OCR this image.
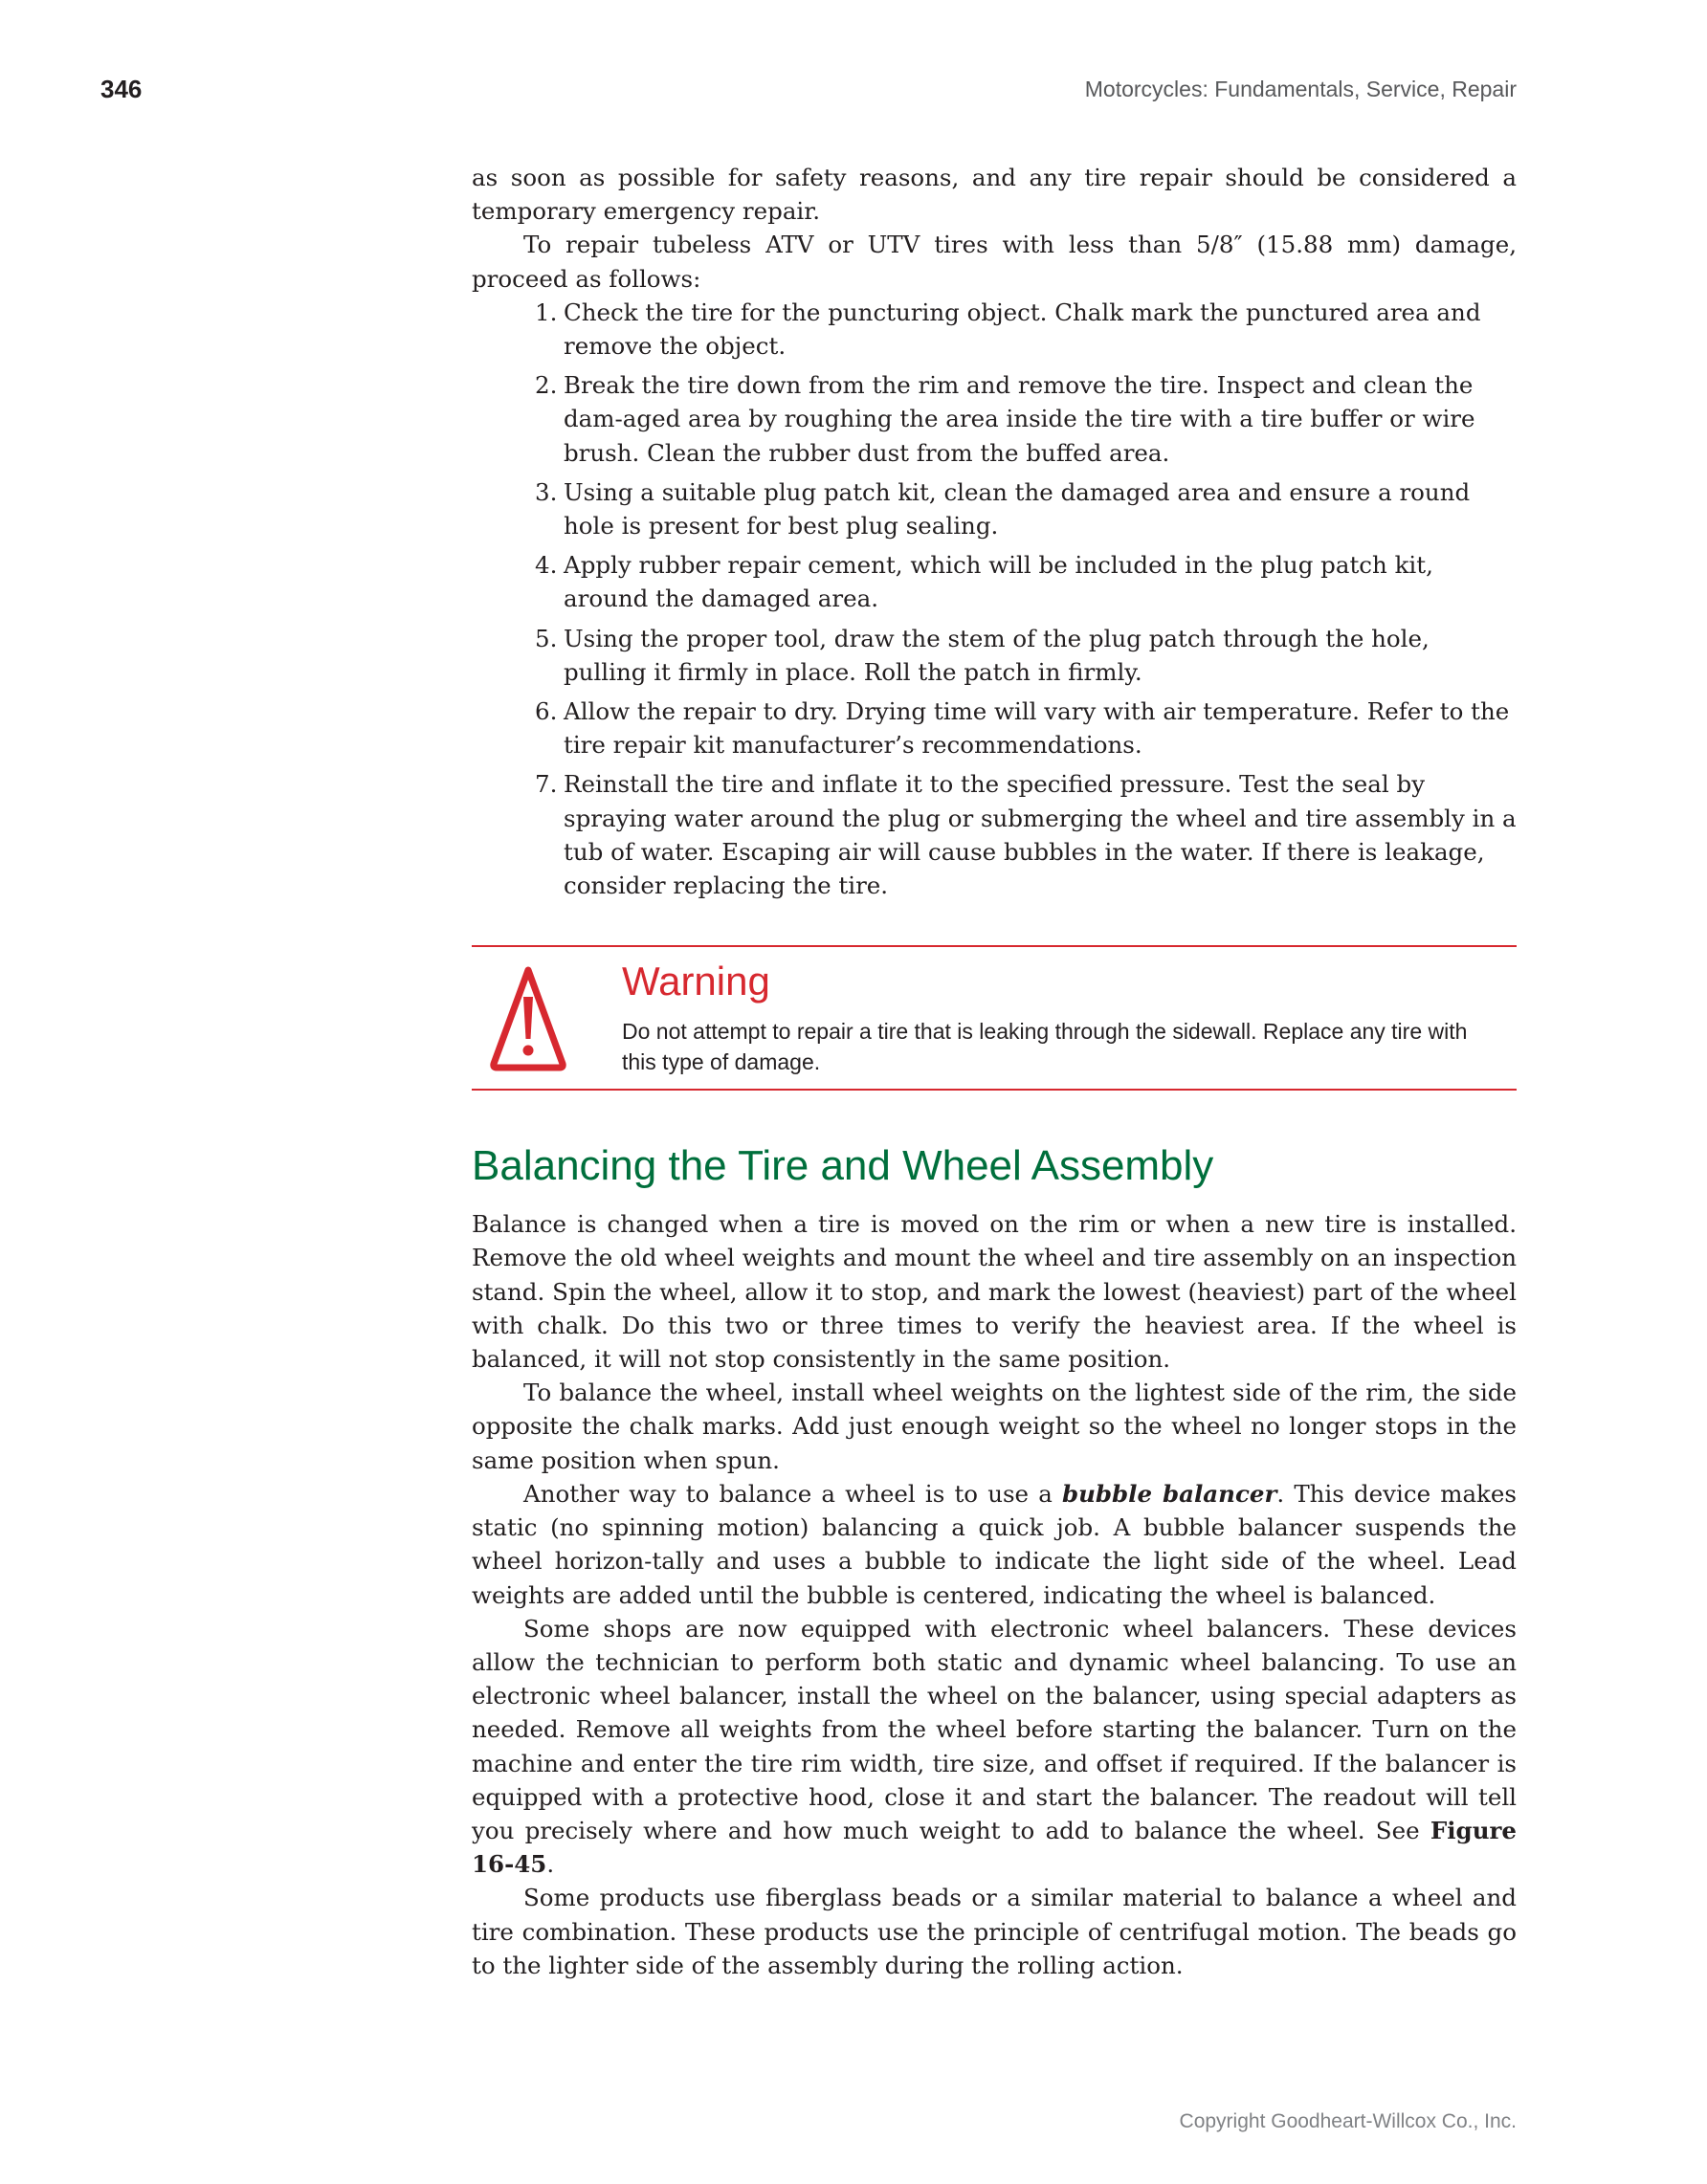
346	Motorcycles: Fundamentals, Service, Repair

as soon as possible for safety reasons, and any tire repair should be considered a temporary emergency repair.

To repair tubeless ATV or UTV tires with less than 5/8″ (15.88 mm) damage, proceed as follows:

1. Check the tire for the puncturing object. Chalk mark the punctured area and remove the object.
2. Break the tire down from the rim and remove the tire. Inspect and clean the dam-aged area by roughing the area inside the tire with a tire buffer or wire brush. Clean the rubber dust from the buffed area.
3. Using a suitable plug patch kit, clean the damaged area and ensure a round hole is present for best plug sealing.
4. Apply rubber repair cement, which will be included in the plug patch kit, around the damaged area.
5. Using the proper tool, draw the stem of the plug patch through the hole, pulling it firmly in place. Roll the patch in firmly.
6. Allow the repair to dry. Drying time will vary with air temperature. Refer to the tire repair kit manufacturer’s recommendations.
7. Reinstall the tire and inflate it to the specified pressure. Test the seal by spraying water around the plug or submerging the wheel and tire assembly in a tub of water. Escaping air will cause bubbles in the water. If there is leakage, consider replacing the tire.
Warning
Do not attempt to repair a tire that is leaking through the sidewall. Replace any tire with this type of damage.
Balancing the Tire and Wheel Assembly

Balance is changed when a tire is moved on the rim or when a new tire is installed. Remove the old wheel weights and mount the wheel and tire assembly on an inspection stand. Spin the wheel, allow it to stop, and mark the lowest (heaviest) part of the wheel with chalk. Do this two or three times to verify the heaviest area. If the wheel is balanced, it will not stop consistently in the same position.

To balance the wheel, install wheel weights on the lightest side of the rim, the side opposite the chalk marks. Add just enough weight so the wheel no longer stops in the same position when spun.

Another way to balance a wheel is to use a bubble balancer. This device makes static (no spinning motion) balancing a quick job. A bubble balancer suspends the wheel horizon-tally and uses a bubble to indicate the light side of the wheel. Lead weights are added until the bubble is centered, indicating the wheel is balanced.

Some shops are now equipped with electronic wheel balancers. These devices allow the technician to perform both static and dynamic wheel balancing. To use an electronic wheel balancer, install the wheel on the balancer, using special adapters as needed. Remove all weights from the wheel before starting the balancer. Turn on the machine and enter the tire rim width, tire size, and offset if required. If the balancer is equipped with a protective hood, close it and start the balancer. The readout will tell you precisely where and how much weight to add to balance the wheel. See Figure 16-45.

Some products use fiberglass beads or a similar material to balance a wheel and tire combination. These products use the principle of centrifugal motion. The beads go to the lighter side of the assembly during the rolling action.

Copyright Goodheart-Willcox Co., Inc.
